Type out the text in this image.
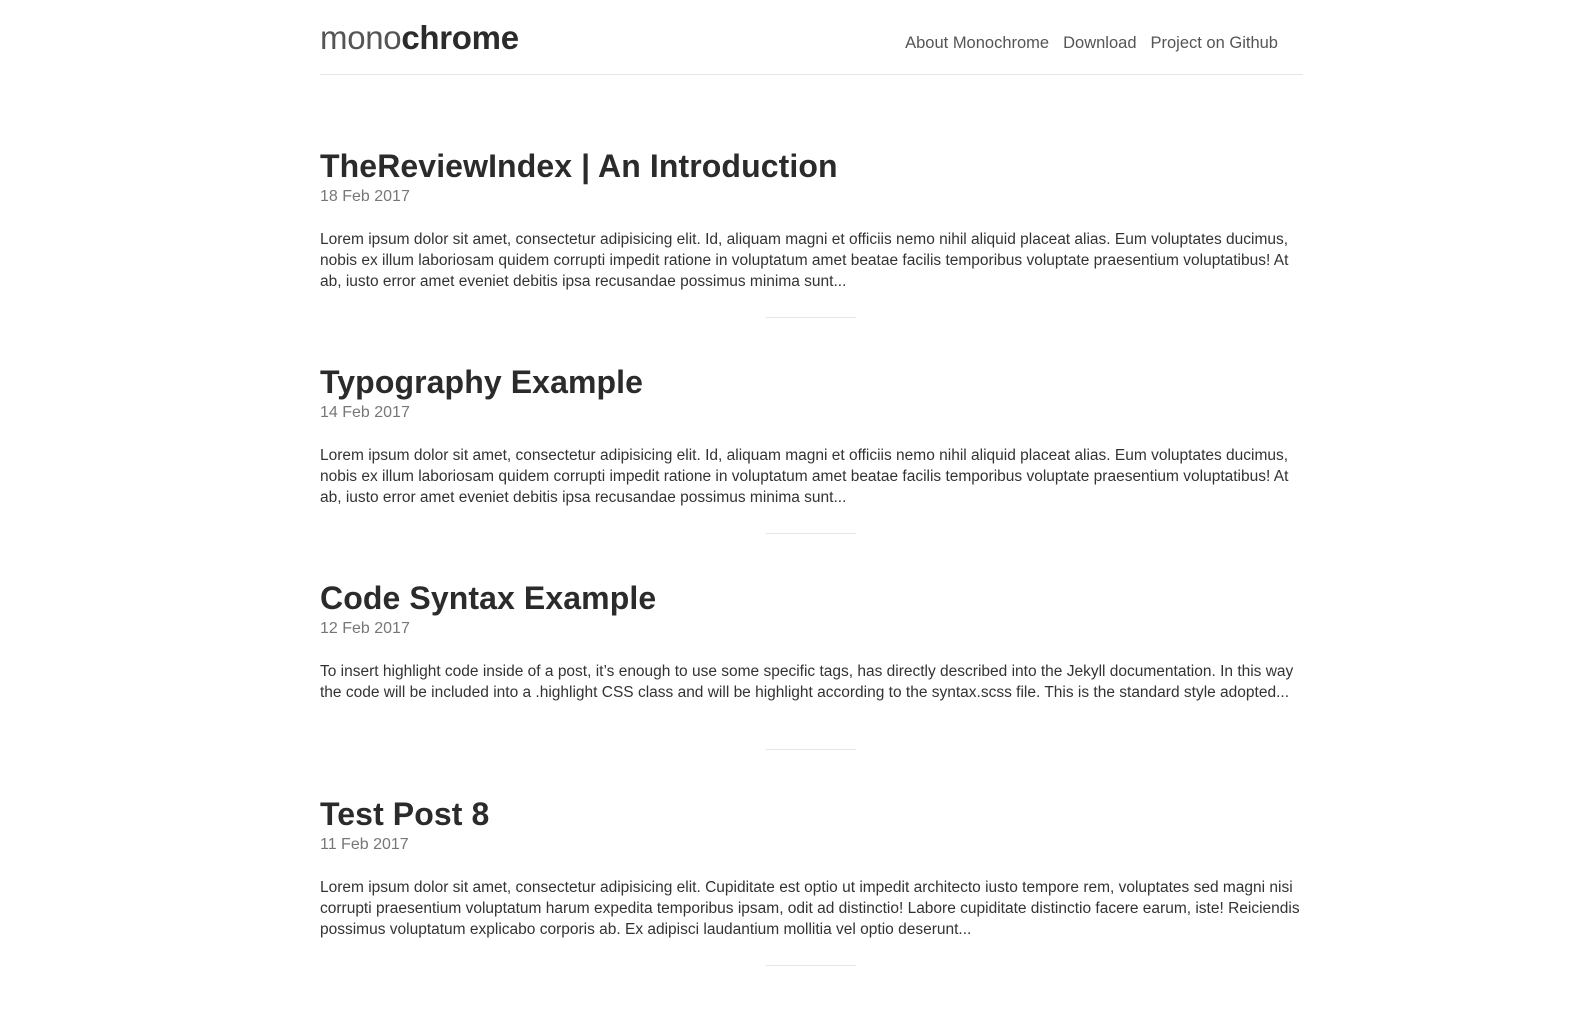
monochrome	About Monochrome Download Project on Github
TheReviewIndex | An Introduction
18 Feb 2017
Lorem ipsum dolor sit amet, consectetur adipisicing elit. Id, aliquam magni et officiis nemo nihil aliquid placeat alias. Eum voluptates ducimus, nobis ex illum laboriosam quidem corrupti impedit ratione in voluptatum amet beatae facilis temporibus voluptate praesentium voluptatibus! At ab, iusto error amet eveniet debitis ipsa recusandae possimus minima sunt...
Typography Example
14 Feb 2017
Lorem ipsum dolor sit amet, consectetur adipisicing elit. Id, aliquam magni et officiis nemo nihil aliquid placeat alias. Eum voluptates ducimus, nobis ex illum laboriosam quidem corrupti impedit ratione in voluptatum amet beatae facilis temporibus voluptate praesentium voluptatibus! At ab, iusto error amet eveniet debitis ipsa recusandae possimus minima sunt...
Code Syntax Example
12 Feb 2017
To insert highlight code inside of a post, it’s enough to use some specific tags, has directly described into the Jekyll documentation. In this way the code will be included into a .highlight CSS class and will be highlight according to the syntax.scss file. This is the standard style adopted...
Test Post 8
11 Feb 2017
Lorem ipsum dolor sit amet, consectetur adipisicing elit. Cupiditate est optio ut impedit architecto iusto tempore rem, voluptates sed magni nisi corrupti praesentium voluptatum harum expedita temporibus ipsam, odit ad distinctio! Labore cupiditate distinctio facere earum, iste! Reiciendis possimus voluptatum explicabo corporis ab. Ex adipisci laudantium mollitia vel optio deserunt...
